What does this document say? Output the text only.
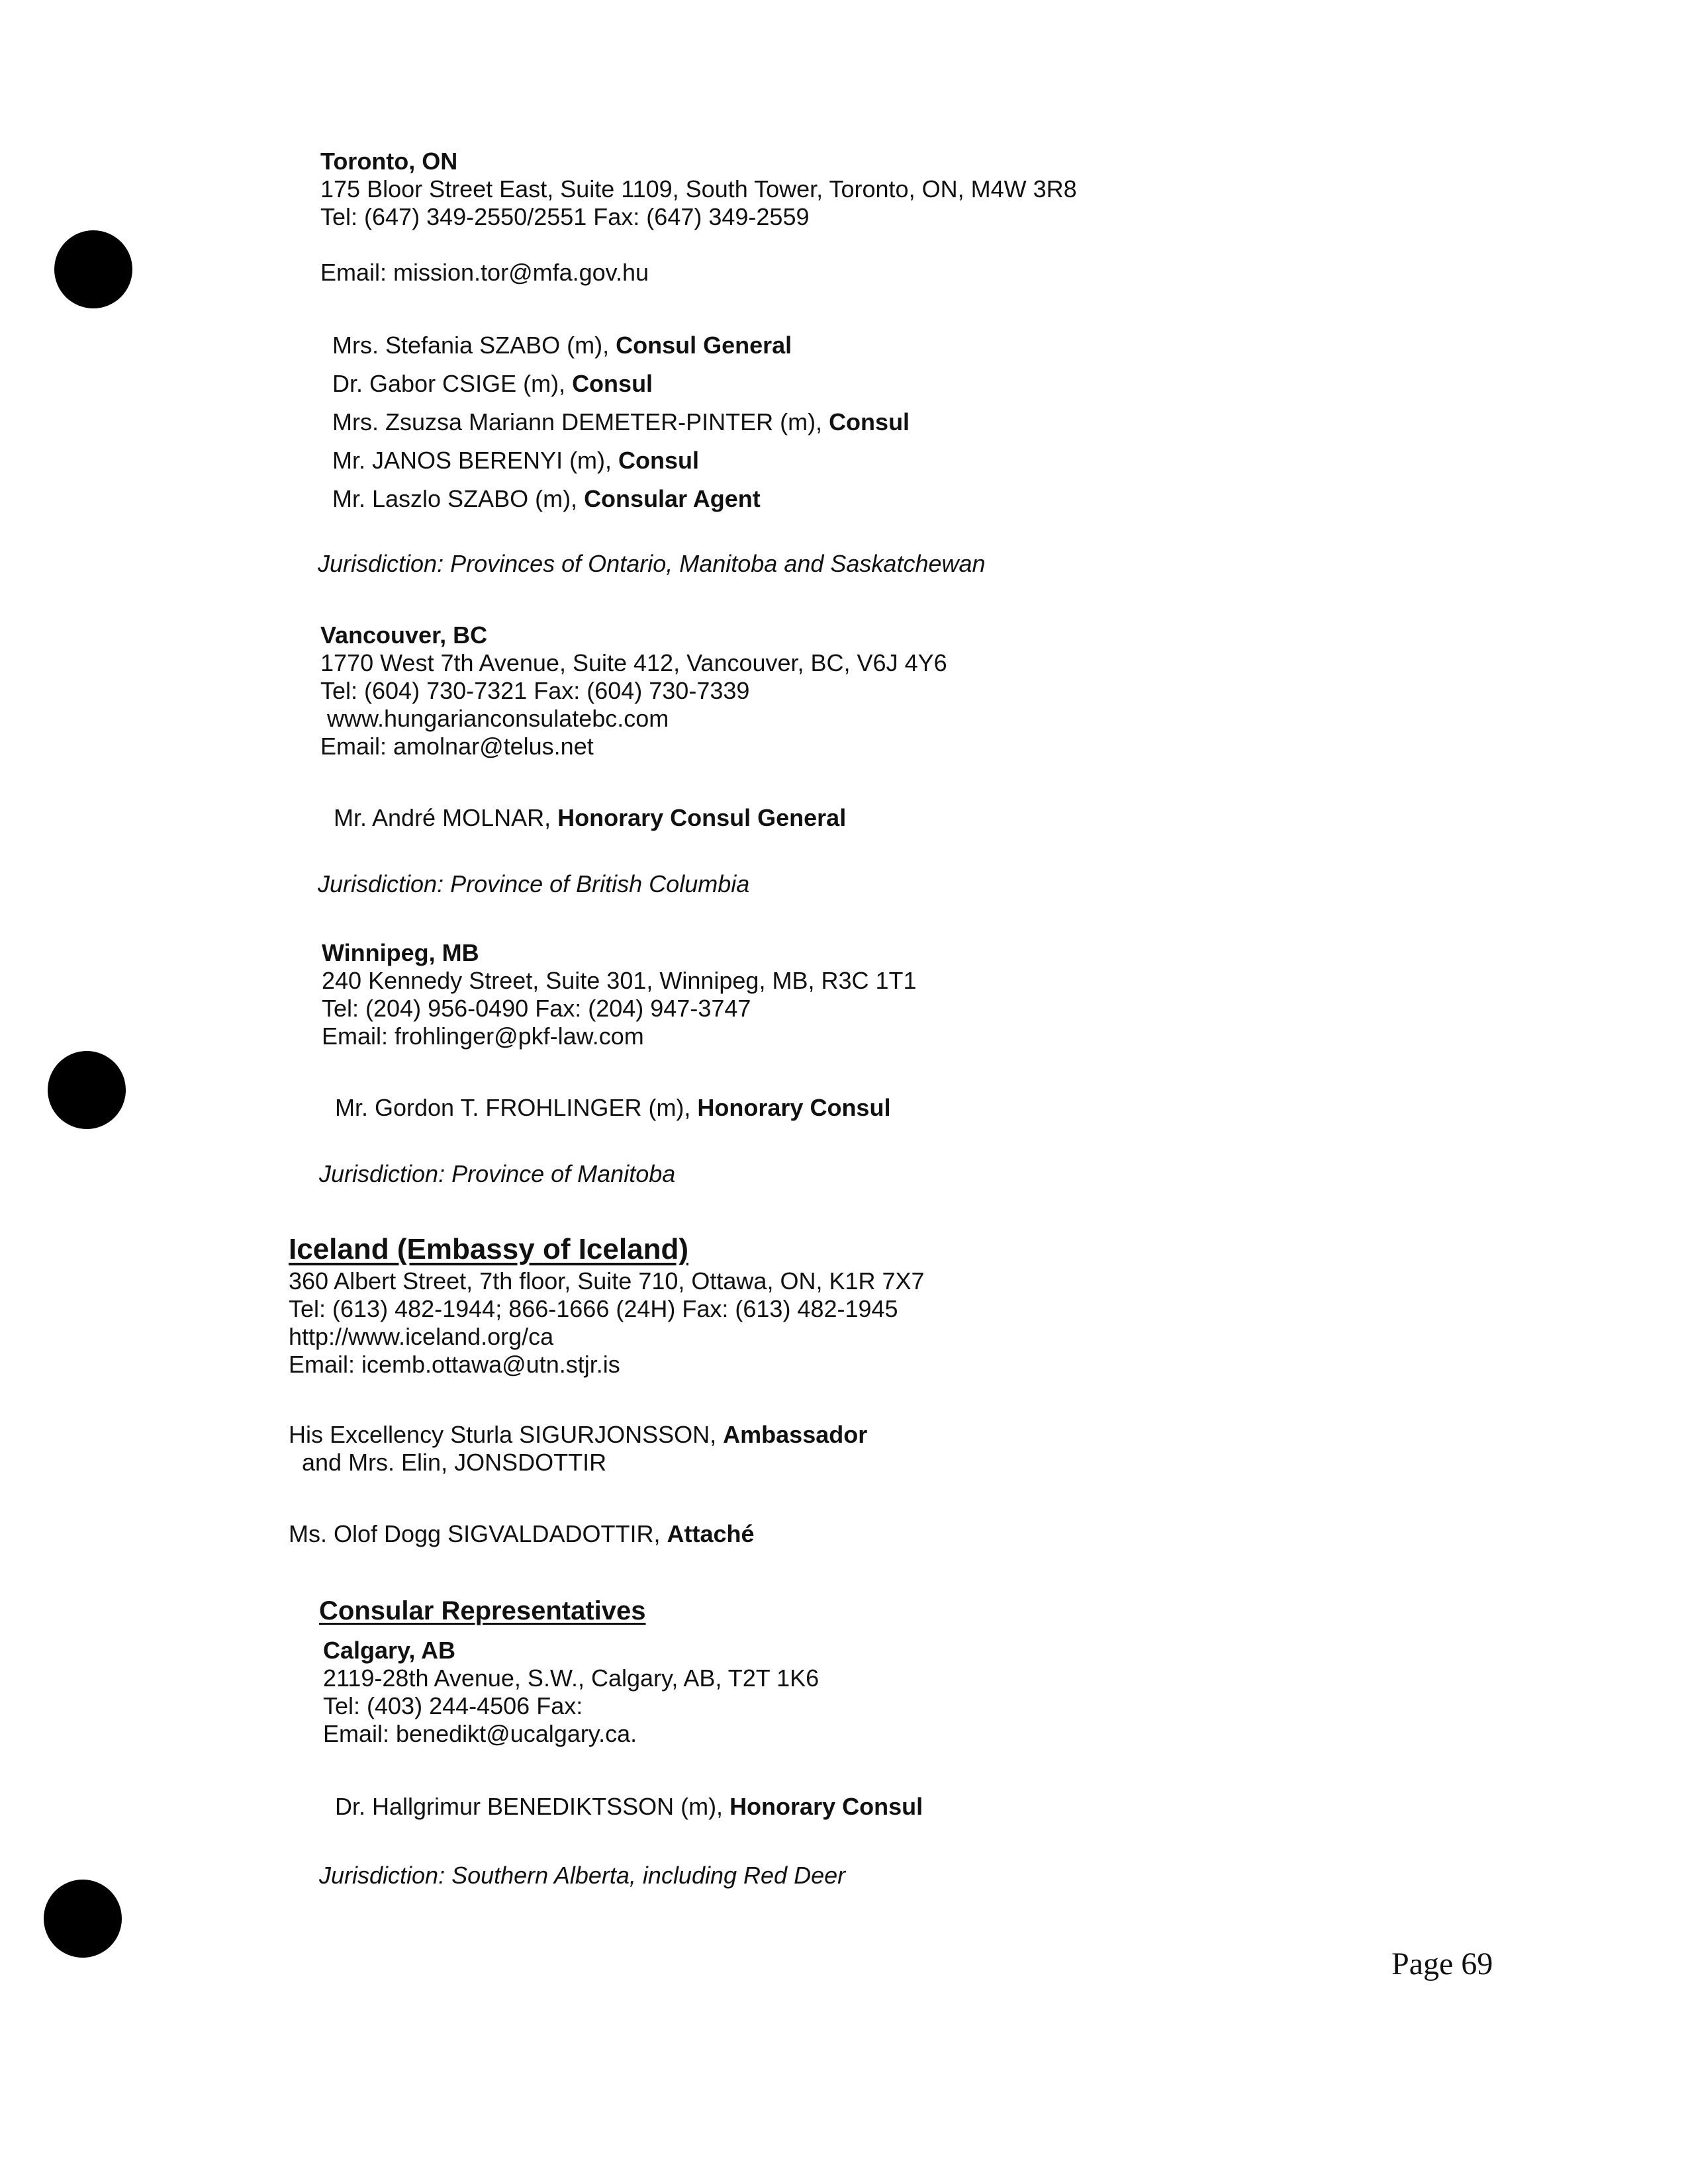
Toronto, ON
175 Bloor Street East, Suite 1109, South Tower, Toronto, ON, M4W 3R8
Tel: (647) 349-2550/2551 Fax: (647) 349-2559
Email: mission.tor@mfa.gov.hu
Mrs. Stefania SZABO (m), Consul General
Dr. Gabor CSIGE (m), Consul
Mrs. Zsuzsa Mariann DEMETER-PINTER (m), Consul
Mr. JANOS BERENYI (m), Consul
Mr. Laszlo SZABO (m), Consular Agent
Jurisdiction: Provinces of Ontario, Manitoba and Saskatchewan
Vancouver, BC
1770 West 7th Avenue, Suite 412, Vancouver, BC, V6J 4Y6
Tel: (604) 730-7321 Fax: (604) 730-7339
www.hungarianconsulatebc.com
Email: amolnar@telus.net
Mr. André MOLNAR, Honorary Consul General
Jurisdiction: Province of British Columbia
Winnipeg, MB
240 Kennedy Street, Suite 301, Winnipeg, MB, R3C 1T1
Tel: (204) 956-0490 Fax: (204) 947-3747
Email: frohlinger@pkf-law.com
Mr. Gordon T. FROHLINGER (m), Honorary Consul
Jurisdiction: Province of Manitoba
Iceland (Embassy of Iceland)
360 Albert Street, 7th floor, Suite 710, Ottawa, ON, K1R 7X7
Tel: (613) 482-1944; 866-1666 (24H) Fax: (613) 482-1945
http://www.iceland.org/ca
Email: icemb.ottawa@utn.stjr.is
His Excellency Sturla SIGURJONSSON, Ambassador
and Mrs. Elin, JONSDOTTIR
Ms. Olof Dogg SIGVALDADOTTIR, Attaché
Consular Representatives
Calgary, AB
2119-28th Avenue, S.W., Calgary, AB, T2T 1K6
Tel: (403) 244-4506 Fax:
Email: benedikt@ucalgary.ca.
Dr. Hallgrimur BENEDIKTSSON (m), Honorary Consul
Jurisdiction: Southern Alberta, including Red Deer
Page 69
